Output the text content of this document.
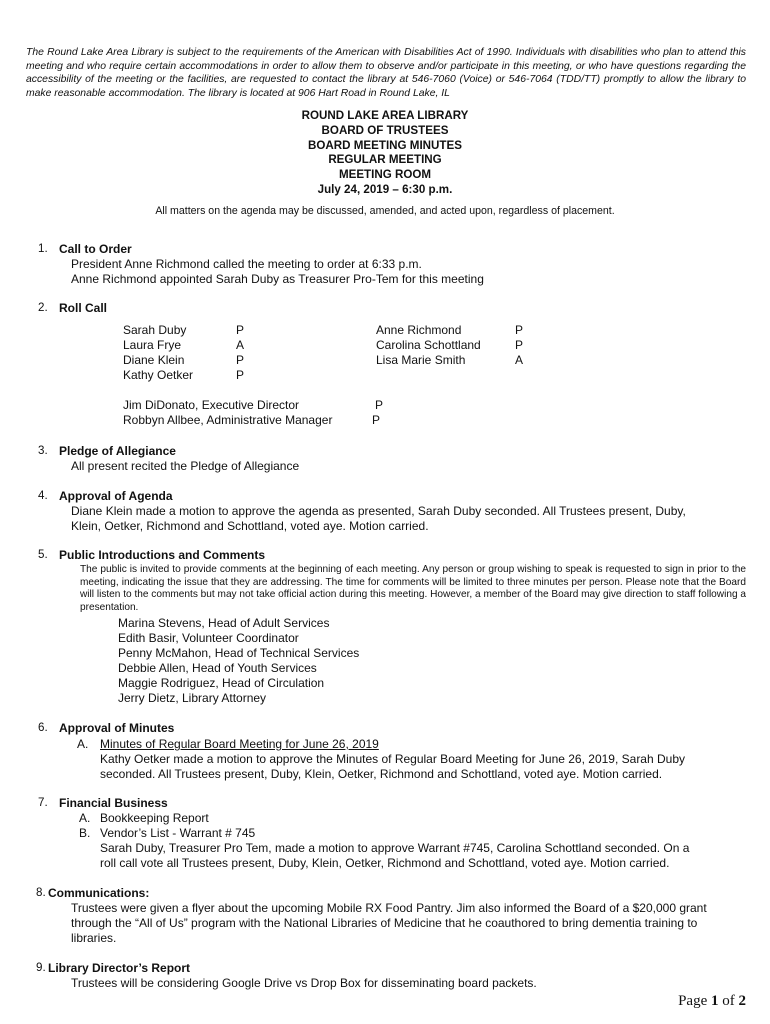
The Round Lake Area Library is subject to the requirements of the American with Disabilities Act of 1990. Individuals with disabilities who plan to attend this meeting and who require certain accommodations in order to allow them to observe and/or participate in this meeting, or who have questions regarding the accessibility of the meeting or the facilities, are requested to contact the library at 546-7060 (Voice) or 546-7064 (TDD/TT) promptly to allow the library to make reasonable accommodation. The library is located at 906 Hart Road in Round Lake, IL
ROUND LAKE AREA LIBRARY
BOARD OF TRUSTEES
BOARD MEETING MINUTES
REGULAR MEETING
MEETING ROOM
July 24, 2019 – 6:30 p.m.
All matters on the agenda may be discussed, amended, and acted upon, regardless of placement.
1. Call to Order
President Anne Richmond called the meeting to order at 6:33 p.m.
Anne Richmond appointed Sarah Duby as Treasurer Pro-Tem for this meeting
2. Roll Call
Sarah Duby	P
Laura Frye	A
Diane Klein	P
Kathy Oetker	P
Anne Richmond	P
Carolina Schottland	P
Lisa Marie Smith	A
Jim DiDonato, Executive Director	P
Robbyn Allbee, Administrative Manager	P
3. Pledge of Allegiance
All present recited the Pledge of Allegiance
4. Approval of Agenda
Diane Klein made a motion to approve the agenda as presented, Sarah Duby seconded. All Trustees present, Duby,
Klein, Oetker, Richmond and Schottland, voted aye. Motion carried.
5. Public Introductions and Comments
The public is invited to provide comments at the beginning of each meeting. Any person or group wishing to speak is requested to sign in prior to the meeting, indicating the issue that they are addressing. The time for comments will be limited to three minutes per person. Please note that the Board will listen to the comments but may not take official action during this meeting. However, a member of the Board may give direction to staff following a presentation.
Marina Stevens, Head of Adult Services
Edith Basir, Volunteer Coordinator
Penny McMahon, Head of Technical Services
Debbie Allen, Head of Youth Services
Maggie Rodriguez, Head of Circulation
Jerry Dietz, Library Attorney
6. Approval of Minutes
A. Minutes of Regular Board Meeting for June 26, 2019
Kathy Oetker made a motion to approve the Minutes of Regular Board Meeting for June 26, 2019, Sarah Duby
seconded. All Trustees present, Duby, Klein, Oetker, Richmond and Schottland, voted aye. Motion carried.
7. Financial Business
A. Bookkeeping Report
B. Vendor’s List - Warrant # 745
Sarah Duby, Treasurer Pro Tem, made a motion to approve Warrant #745, Carolina Schottland seconded. On a
roll call vote all Trustees present, Duby, Klein, Oetker, Richmond and Schottland, voted aye. Motion carried.
8. Communications:
Trustees were given a flyer about the upcoming Mobile RX Food Pantry. Jim also informed the Board of a $20,000 grant
through the “All of Us” program with the National Libraries of Medicine that he coauthored to bring dementia training to
libraries.
9. Library Director’s Report
Trustees will be considering Google Drive vs Drop Box for disseminating board packets.
Page 1 of 2
